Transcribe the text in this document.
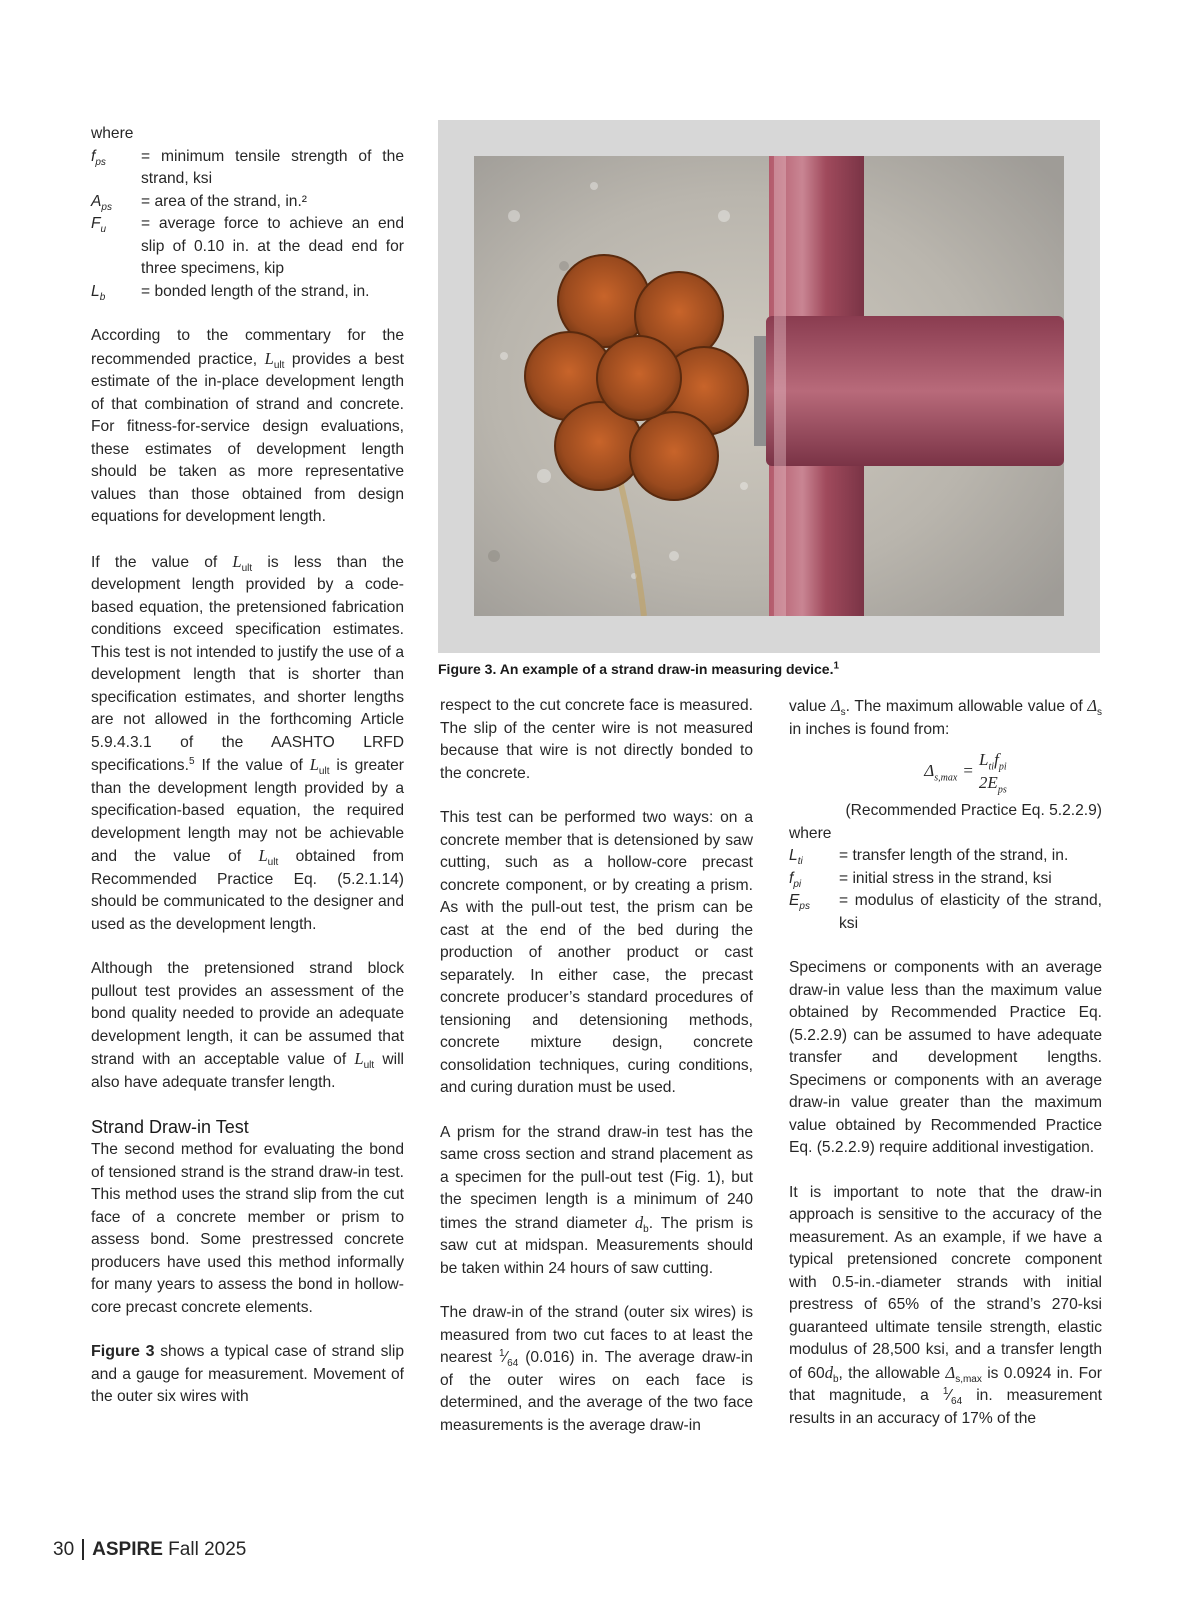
where

$f_{ps}$	= minimum tensile strength of the strand, ksi
$A_{ps}$	= area of the strand, in.²
$F_u$	= average force to achieve an end slip of 0.10 in. at the dead end for three specimens, kip
$L_b$	= bonded length of the strand, in.

According to the commentary for the recommended practice, $L_{ult}$ provides a best estimate of the in-place development length of that combination of strand and concrete. For fitness-for-service design evaluations, these estimates of development length should be taken as more representative values than those obtained from design equations for development length.

If the value of $L_{ult}$ is less than the development length provided by a code-based equation, the pretensioned fabrication conditions exceed specification estimates. This test is not intended to justify the use of a development length that is shorter than specification estimates, and shorter lengths are not allowed in the forthcoming Article 5.9.4.3.1 of the AASHTO LRFD specifications.$^5$ If the value of $L_{ult}$ is greater than the development length provided by a specification-based equation, the required development length may not be achievable and the value of $L_{ult}$ obtained from Recommended Practice Eq. (5.2.1.14) should be communicated to the designer and used as the development length.

Although the pretensioned strand block pullout test provides an assessment of the bond quality needed to provide an adequate development length, it can be assumed that strand with an acceptable value of $L_{ult}$ will also have adequate transfer length.

Strand Draw-in Test

The second method for evaluating the bond of tensioned strand is the strand draw-in test. This method uses the strand slip from the cut face of a concrete member or prism to assess bond. Some prestressed concrete producers have used this method informally for many years to assess the bond in hollow-core precast concrete elements.

Figure 3 shows a typical case of strand slip and a gauge for measurement. Movement of the outer six wires with

Figure 3. An example of a strand draw-in measuring device.$^1$

respect to the cut concrete face is measured. The slip of the center wire is not measured because that wire is not directly bonded to the concrete.

This test can be performed two ways: on a concrete member that is detensioned by saw cutting, such as a hollow-core precast concrete component, or by creating a prism. As with the pull-out test, the prism can be cast at the end of the bed during the production of another product or cast separately. In either case, the precast concrete producer’s standard procedures of tensioning and detensioning methods, concrete mixture design, concrete consolidation techniques, curing conditions, and curing duration must be used.

A prism for the strand draw-in test has the same cross section and strand placement as a specimen for the pull-out test (Fig. 1), but the specimen length is a minimum of 240 times the strand diameter $d_b$. The prism is saw cut at midspan. Measurements should be taken within 24 hours of saw cutting.

The draw-in of the strand (outer six wires) is measured from two cut faces to at least the nearest $^1⁄_{64}$ (0.016) in. The average draw-in of the outer wires on each face is determined, and the average of the two face measurements is the average draw-in

value $\Delta_s$. The maximum allowable value of $\Delta_s$ in inches is found from:

$\Delta_{s,max}$	=	$L_{ti}f_{pi}$
$2E_{ps}$

(Recommended Practice Eq. 5.2.2.9)

where

$L_{ti}$	= transfer length of the strand, in.
$f_{pi}$	= initial stress in the strand, ksi
$E_{ps}$	= modulus of elasticity of the strand, ksi

Specimens or components with an average draw-in value less than the maximum value obtained by Recommended Practice Eq. (5.2.2.9) can be assumed to have adequate transfer and development lengths. Specimens or components with an average draw-in value greater than the maximum value obtained by Recommended Practice Eq. (5.2.2.9) require additional investigation.

It is important to note that the draw-in approach is sensitive to the accuracy of the measurement. As an example, if we have a typical pretensioned concrete component with 0.5-in.-diameter strands with initial prestress of 65% of the strand’s 270-ksi guaranteed ultimate tensile strength, elastic modulus of 28,500 ksi, and a transfer length of $60d_b$, the allowable $\Delta_{s,max}$ is 0.0924 in. For that magnitude, a $^1⁄_{64}$ in. measurement results in an accuracy of 17% of the

30 ASPIRE Fall 2025
